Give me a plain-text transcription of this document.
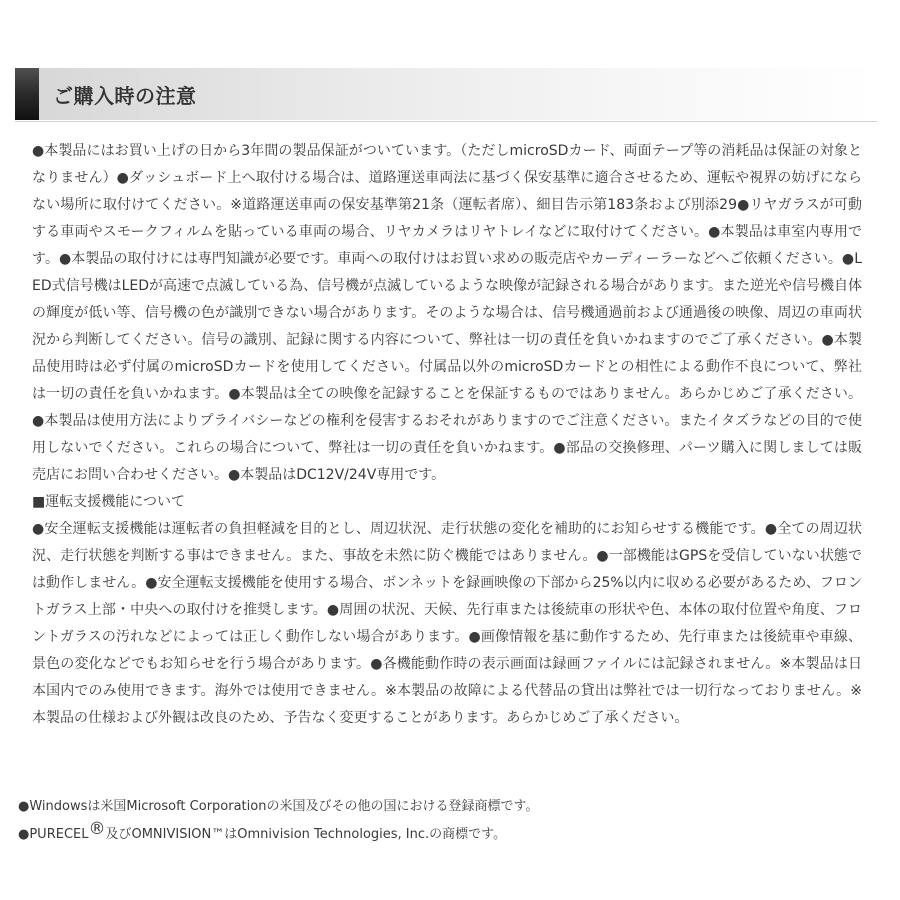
ご購入時の注意

●本製品にはお買い上げの日から3年間の製品保証がついています。（ただしmicroSDカード、両面テープ等の消耗品は保証の対象となりません）●ダッシュボード上へ取付ける場合は、道路運送車両法に基づく保安基準に適合させるため、運転や視界の妨げにならない場所に取付けてください。※道路運送車両の保安基準第21条（運転者席）、細目告示第183条および別添29●リヤガラスが可動する車両やスモークフィルムを貼っている車両の場合、リヤカメラはリヤトレイなどに取付けてください。●本製品は車室内専用です。●本製品の取付けには専門知識が必要です。車両への取付けはお買い求めの販売店やカーディーラーなどへご依頼ください。●LED式信号機はLEDが高速で点滅している為、信号機が点滅しているような映像が記録される場合があります。また逆光や信号機自体の輝度が低い等、信号機の色が識別できない場合があります。そのような場合は、信号機通過前および通過後の映像、周辺の車両状況から判断してください。信号の識別、記録に関する内容について、弊社は一切の責任を負いかねますのでご了承ください。●本製品使用時は必ず付属のmicroSDカードを使用してください。付属品以外のmicroSDカードとの相性による動作不良について、弊社は一切の責任を負いかねます。●本製品は全ての映像を記録することを保証するものではありません。あらかじめご了承ください。●本製品は使用方法によりプライバシーなどの権利を侵害するおそれがありますのでご注意ください。またイタズラなどの目的で使用しないでください。これらの場合について、弊社は一切の責任を負いかねます。●部品の交換修理、パーツ購入に関しましては販売店にお問い合わせください。●本製品はDC12V/24V専用です。

■運転支援機能について

●安全運転支援機能は運転者の負担軽減を目的とし、周辺状況、走行状態の変化を補助的にお知らせする機能です。●全ての周辺状況、走行状態を判断する事はできません。また、事故を未然に防ぐ機能ではありません。●一部機能はGPSを受信していない状態では動作しません。●安全運転支援機能を使用する場合、ボンネットを録画映像の下部から25%以内に収める必要があるため、フロントガラス上部・中央への取付けを推奨します。●周囲の状況、天候、先行車または後続車の形状や色、本体の取付位置や角度、フロントガラスの汚れなどによっては正しく動作しない場合があります。●画像情報を基に動作するため、先行車または後続車や車線、景色の変化などでもお知らせを行う場合があります。●各機能動作時の表示画面は録画ファイルには記録されません。※本製品は日本国内でのみ使用できます。海外では使用できません。※本製品の故障による代替品の貸出は弊社では一切行なっておりません。※本製品の仕様および外観は改良のため、予告なく変更することがあります。あらかじめご了承ください。

●Windowsは米国Microsoft Corporationの米国及びその他の国における登録商標です。

●PURECEL®及びOMNIVISION™はOmnivision Technologies, Inc.の商標です。
